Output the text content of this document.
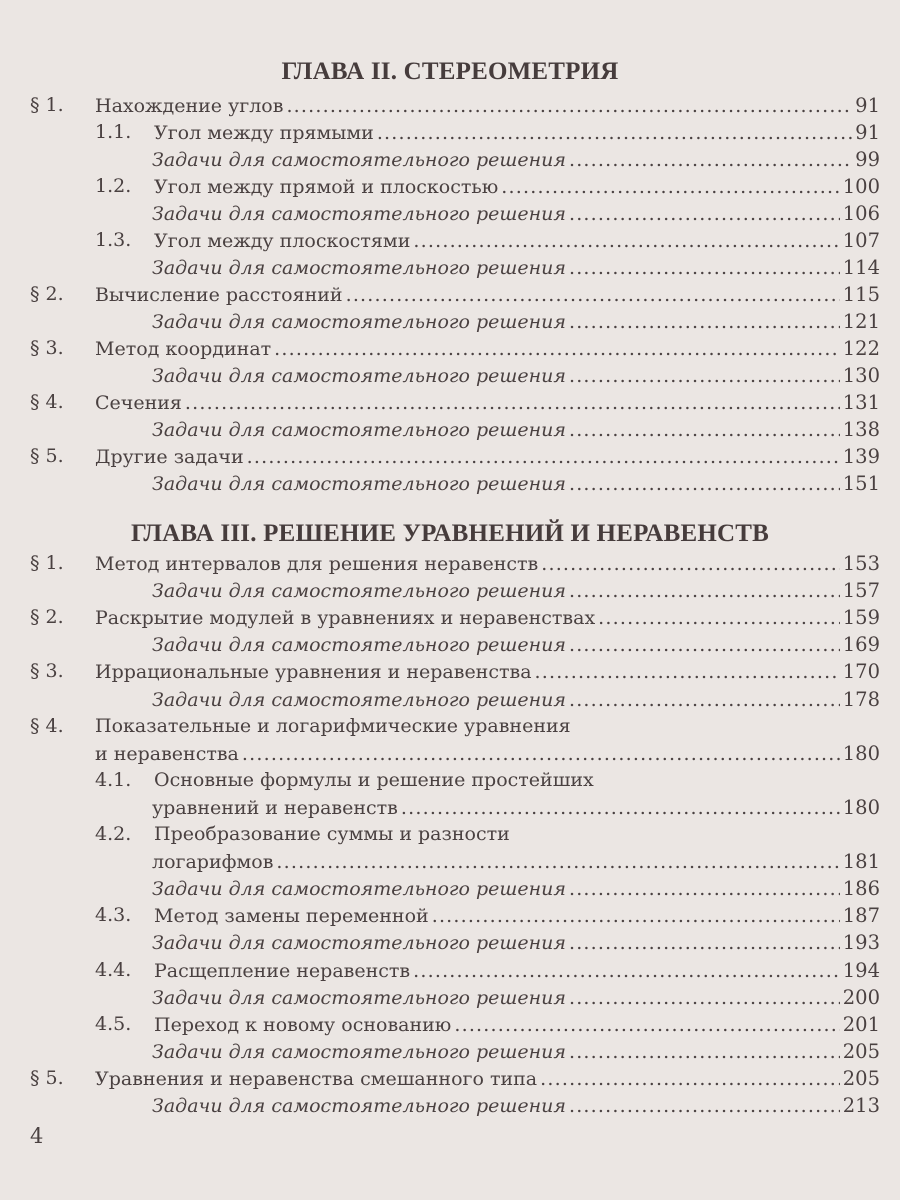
ГЛАВА II. СТЕРЕОМЕТРИЯ
§ 1. Нахождение углов .....	91
1.1. Угол между прямыми .....	91
Задачи для самостоятельного решения .....	99
1.2. Угол между прямой и плоскостью .....	100
Задачи для самостоятельного решения .....	106
1.3. Угол между плоскостями .....	107
Задачи для самостоятельного решения .....	114
§ 2. Вычисление расстояний .....	115
Задачи для самостоятельного решения .....	121
§ 3. Метод координат .....	122
Задачи для самостоятельного решения .....	130
§ 4. Сечения .....	131
Задачи для самостоятельного решения .....	138
§ 5. Другие задачи .....	139
Задачи для самостоятельного решения .....	151
ГЛАВА III. РЕШЕНИЕ УРАВНЕНИЙ И НЕРАВЕНСТВ
§ 1. Метод интервалов для решения неравенств .....	153
Задачи для самостоятельного решения .....	157
§ 2. Раскрытие модулей в уравнениях и неравенствах .....	159
Задачи для самостоятельного решения .....	169
§ 3. Иррациональные уравнения и неравенства .....	170
Задачи для самостоятельного решения .....	178
§ 4. Показательные и логарифмические уравнения
и неравенства .....	180
4.1. Основные формулы и решение простейших
уравнений и неравенств .....	180
4.2. Преобразование суммы и разности
логарифмов .....	181
Задачи для самостоятельного решения .....	186
4.3. Метод замены переменной .....	187
Задачи для самостоятельного решения .....	193
4.4. Расщепление неравенств .....	194
Задачи для самостоятельного решения .....	200
4.5. Переход к новому основанию .....	201
Задачи для самостоятельного решения .....	205
§ 5. Уравнения и неравенства смешанного типа .....	205
Задачи для самостоятельного решения .....	213
4
